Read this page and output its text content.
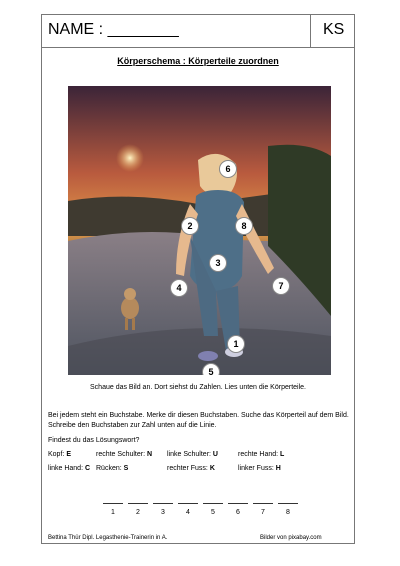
NAME : ________	KS
Körperschema : Körperteile zuordnen
6
2	8
3
4	7
1
5
Schaue das Bild an. Dort siehst du Zahlen. Lies unten die Körperteile.
Bei jedem steht ein Buchstabe. Merke dir diesen Buchstaben. Suche das Körperteil auf dem Bild. Schreibe den Buchstaben zur Zahl unten auf die Linie.
Findest du das Lösungswort?
Kopf: E	rechte Schulter: N linke Schulter: U	rechte Hand: L
linke Hand: C Rücken: S	rechter Fuss: K	linker Fuss: H
1	2	3	4	5	6	7	8
Bettina Thür Dipl. Legasthenie-Trainerin in A.	Bilder von pixabay.com
